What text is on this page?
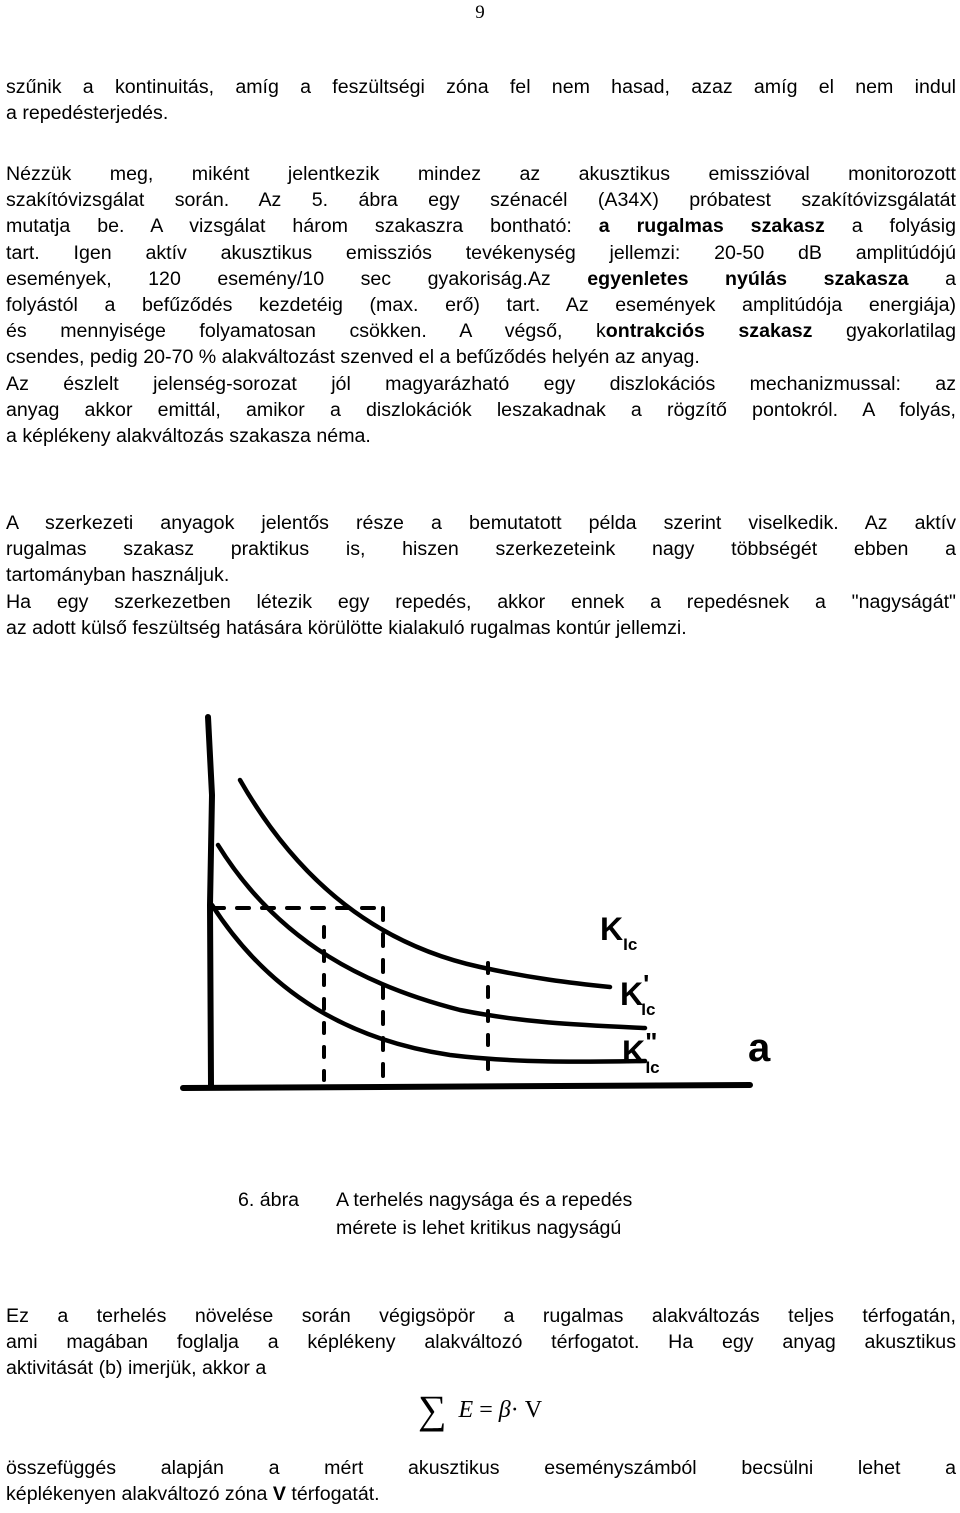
9
szűnik a kontinuitás, amíg a feszültségi zóna fel nem hasad, azaz amíg el nem indul
a repedésterjedés.
Nézzük meg, miként jelentkezik mindez az akusztikus emisszióval monitorozott
szakítóvizsgálat során. Az 5. ábra egy szénacél (A34X) próbatest szakítóvizsgálatát
mutatja be. A vizsgálat három szakaszra bontható: a rugalmas szakasz a folyásig
tart. Igen aktív akusztikus emissziós tevékenység jellemzi: 20-50 dB amplitúdójú
események, 120 esemény/10 sec gyakoriság.Az egyenletes nyúlás szakasza a
folyástól a befűződés kezdetéig (max. erő) tart. Az események amplitúdója energiája)
és mennyisége folyamatosan csökken. A végső, kontrakciós szakasz gyakorlatilag
csendes, pedig 20-70 % alakváltozást szenved el a befűződés helyén az anyag.
Az észlelt jelenség-sorozat jól magyarázható egy diszlokációs mechanizmussal: az
anyag akkor emittál, amikor a diszlokációk leszakadnak a rögzítő pontokról. A folyás,
a képlékeny alakváltozás szakasza néma.
A szerkezeti anyagok jelentős része a bemutatott példa szerint viselkedik. Az aktív
rugalmas szakasz praktikus is, hiszen szerkezeteink nagy többségét ebben a
tartományban használjuk.
Ha egy szerkezetben létezik egy repedés, akkor ennek a repedésnek a "nagyságát"
az adott külső feszültség hatására körülötte kialakuló rugalmas kontúr jellemzi.
$K_{Ic}$
K' Ic
K" Ic a
6. ábra A terhelés nagysága és a repedés
mérete is lehet kritikus nagyságú
Ez a terhelés növelése során végigsöpör a rugalmas alakváltozás teljes térfogatán,
ami magában foglalja a képlékeny alakváltozó térfogatot. Ha egy anyag akusztikus
aktivitását (b) imerjük, akkor a
∑ E = β· V
összefüggés alapján a mért akusztikus eseményszámból becsülni lehet a
képlékenyen alakváltozó zóna V térfogatát.
